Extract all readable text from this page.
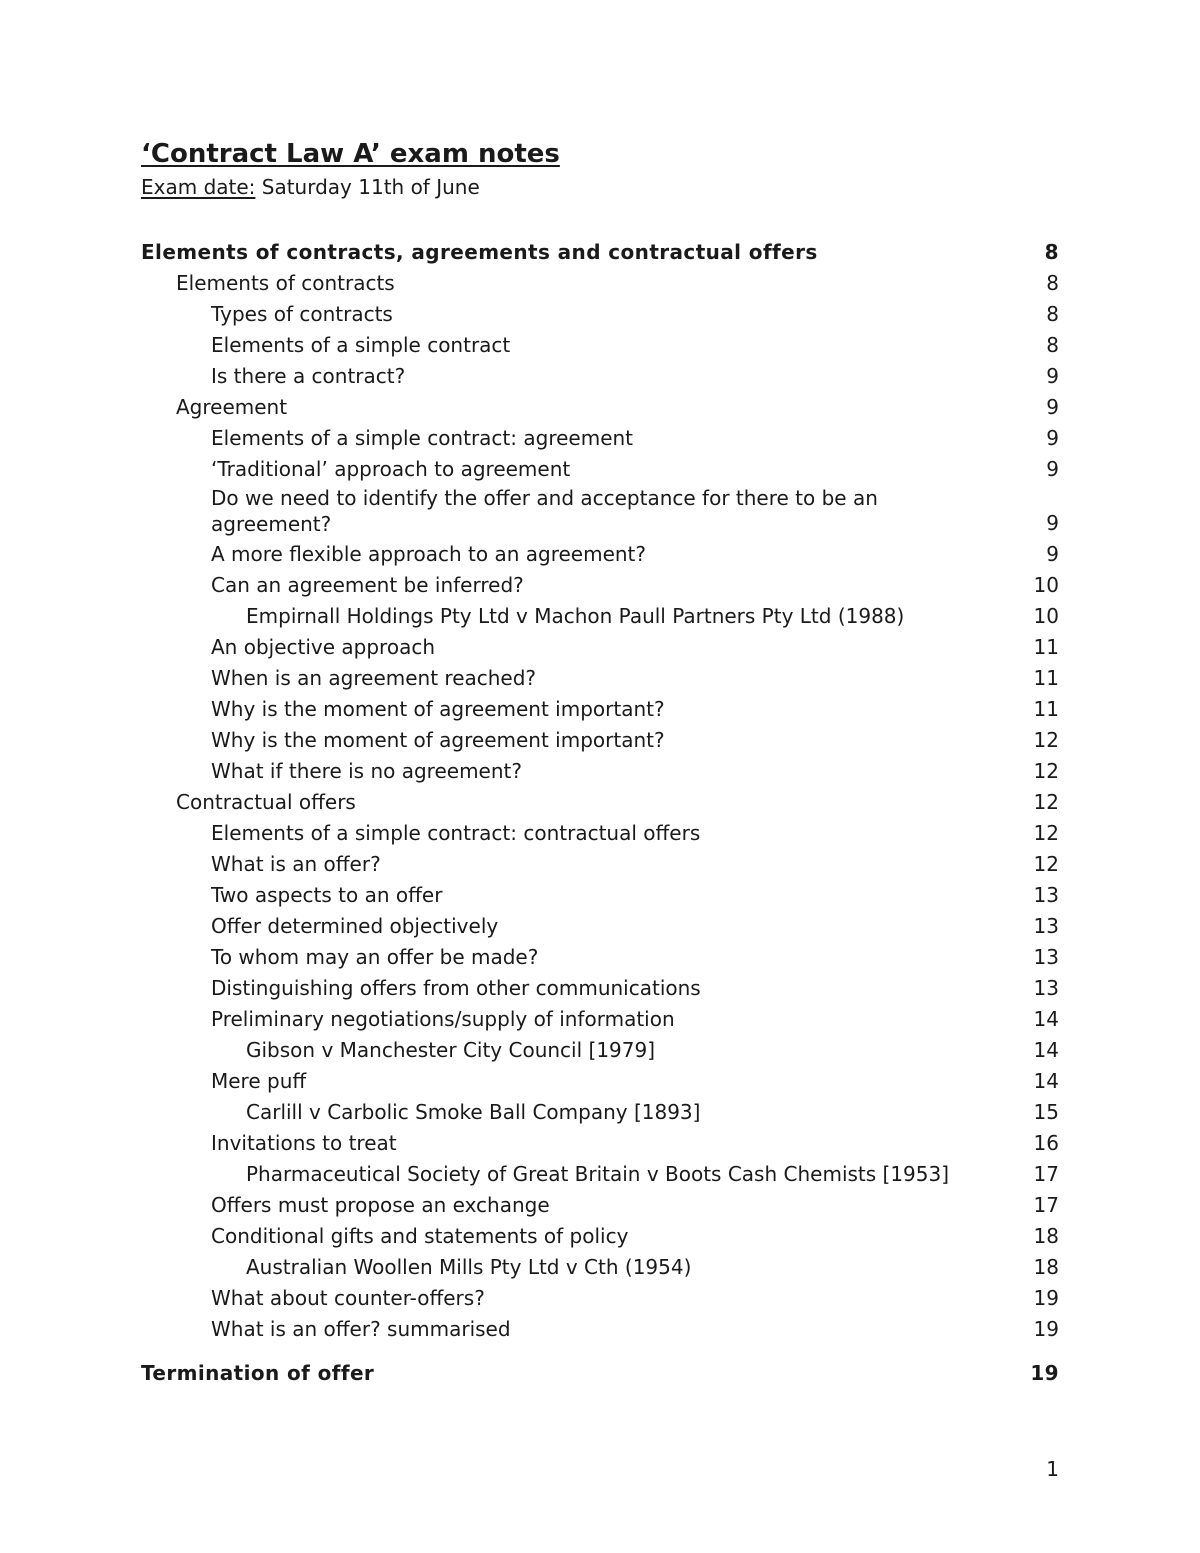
‘Contract Law A’ exam notes
Exam date: Saturday 11th of June
Elements of contracts, agreements and contractual offers	8
Elements of contracts	8
Types of contracts	8
Elements of a simple contract	8
Is there a contract?	9
Agreement	9
Elements of a simple contract: agreement	9
‘Traditional’ approach to agreement	9
Do we need to identify the offer and acceptance for there to be an agreement?	9
A more flexible approach to an agreement?	9
Can an agreement be inferred?	10
Empirnall Holdings Pty Ltd v Machon Paull Partners Pty Ltd (1988)	10
An objective approach	11
When is an agreement reached?	11
Why is the moment of agreement important?	11
Why is the moment of agreement important?	12
What if there is no agreement?	12
Contractual offers	12
Elements of a simple contract: contractual offers	12
What is an offer?	12
Two aspects to an offer	13
Offer determined objectively	13
To whom may an offer be made?	13
Distinguishing offers from other communications	13
Preliminary negotiations/supply of information	14
Gibson v Manchester City Council [1979]	14
Mere puff	14
Carlill v Carbolic Smoke Ball Company [1893]	15
Invitations to treat	16
Pharmaceutical Society of Great Britain v Boots Cash Chemists [1953]	17
Offers must propose an exchange	17
Conditional gifts and statements of policy	18
Australian Woollen Mills Pty Ltd v Cth (1954)	18
What about counter-offers?	19
What is an offer? summarised	19
Termination of offer	19
1
